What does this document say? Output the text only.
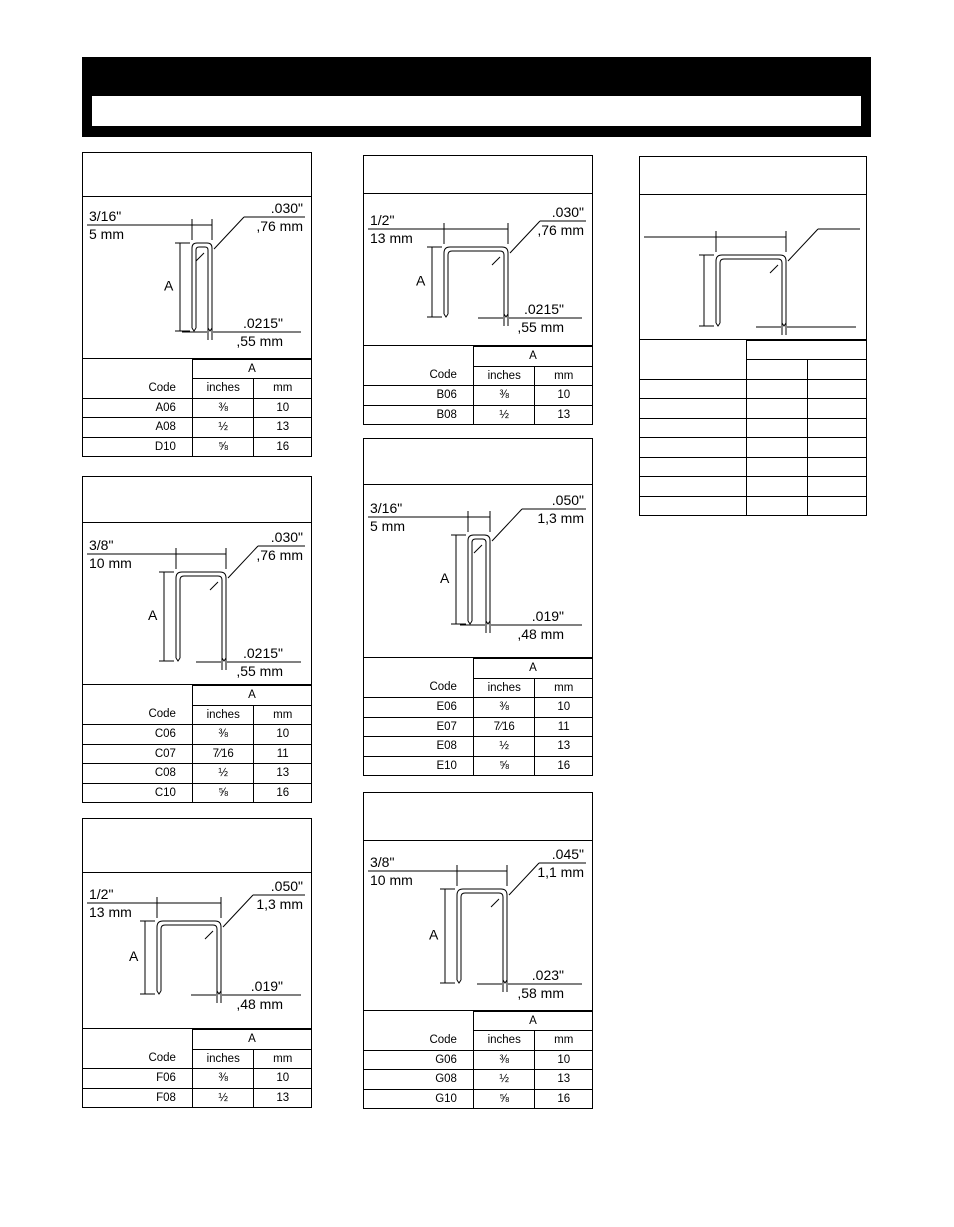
3/16"
5 mm
.030"
,76 mm
.0215"
,55 mm
A
	A	
Code	inches	mm
A06	⅜	10
A08	½	13
D10	⅝	16
3/8"
10 mm
.030"
,76 mm
.0215"
,55 mm
A
	A	
Code	inches	mm
C06	⅜	10
C07	7⁄16	11
C08	½	13
C10	⅝	16
1/2"
13 mm
.050"
1,3 mm
.019"
,48 mm
A
	A	
Code	inches	mm
F06	⅜	10
F08	½	13
1/2"
13 mm
.030"
,76 mm
.0215"
,55 mm
A
	A	
Code	inches	mm
B06	⅜	10
B08	½	13
3/16"
5 mm
.050"
1,3 mm
.019"
,48 mm
A
	A	
Code	inches	mm
E06	⅜	10
E07	7⁄16	11
E08	½	13
E10	⅝	16
3/8"
10 mm
.045"
1,1 mm
.023"
,58 mm
A
	A	
Code	inches	mm
G06	⅜	10
G08	½	13
G10	⅝	16
